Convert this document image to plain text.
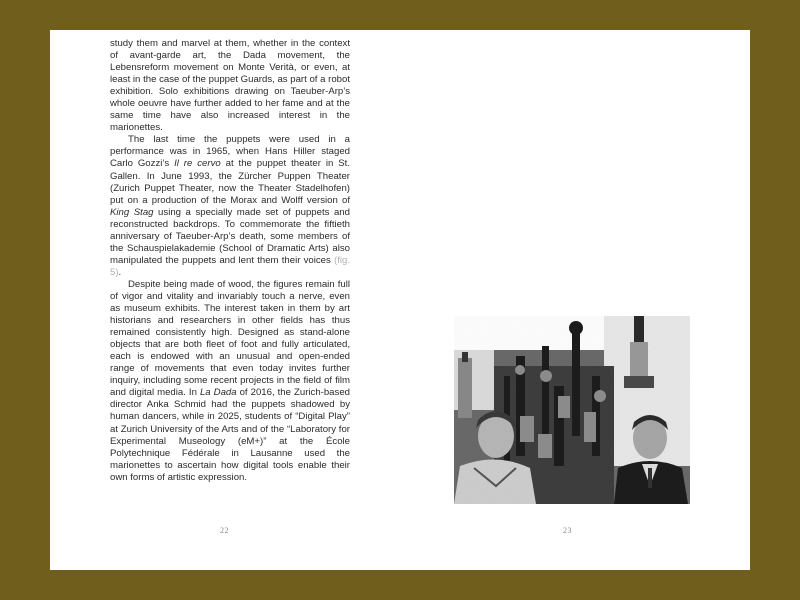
study them and marvel at them, whether in the context of avant-garde art, the Dada movement, the Lebensreform movement on Monte Verità, or even, at least in the case of the puppet Guards, as part of a robot exhibition. Solo exhibitions drawing on Taeuber-Arp’s whole oeuvre have further added to her fame and at the same time have also increased interest in the marionettes.

The last time the puppets were used in a performance was in 1965, when Hans Hiller staged Carlo Gozzi’s Il re cervo at the puppet theater in St. Gallen. In June 1993, the Zürcher Puppen Theater (Zurich Puppet Theater, now the Theater Stadelhofen) put on a production of the Morax and Wolff version of King Stag using a specially made set of puppets and reconstructed backdrops. To commemorate the fiftieth anniversary of Taeuber-Arp’s death, some members of the Schauspielakademie (School of Dramatic Arts) also manipulated the puppets and lent them their voices (fig. 5).

Despite being made of wood, the figures remain full of vigor and vitality and invariably touch a nerve, even as museum exhibits. The interest taken in them by art historians and researchers in other fields has thus remained consistently high. Designed as stand-alone objects that are both fleet of foot and fully articulated, each is endowed with an unusual and open-ended range of movements that even today invites further inquiry, including some recent projects in the field of film and digital media. In La Dada of 2016, the Zurich-based director Anka Schmid had the puppets shadowed by human dancers, while in 2025, students of “Digital Play” at Zurich University of the Arts and of the “Laboratory for Experimental Museology (eM+)” at the École Polytechnique Fédérale in Lausanne used the marionettes to ascertain how digital tools enable their own forms of artistic expression.

22	23
